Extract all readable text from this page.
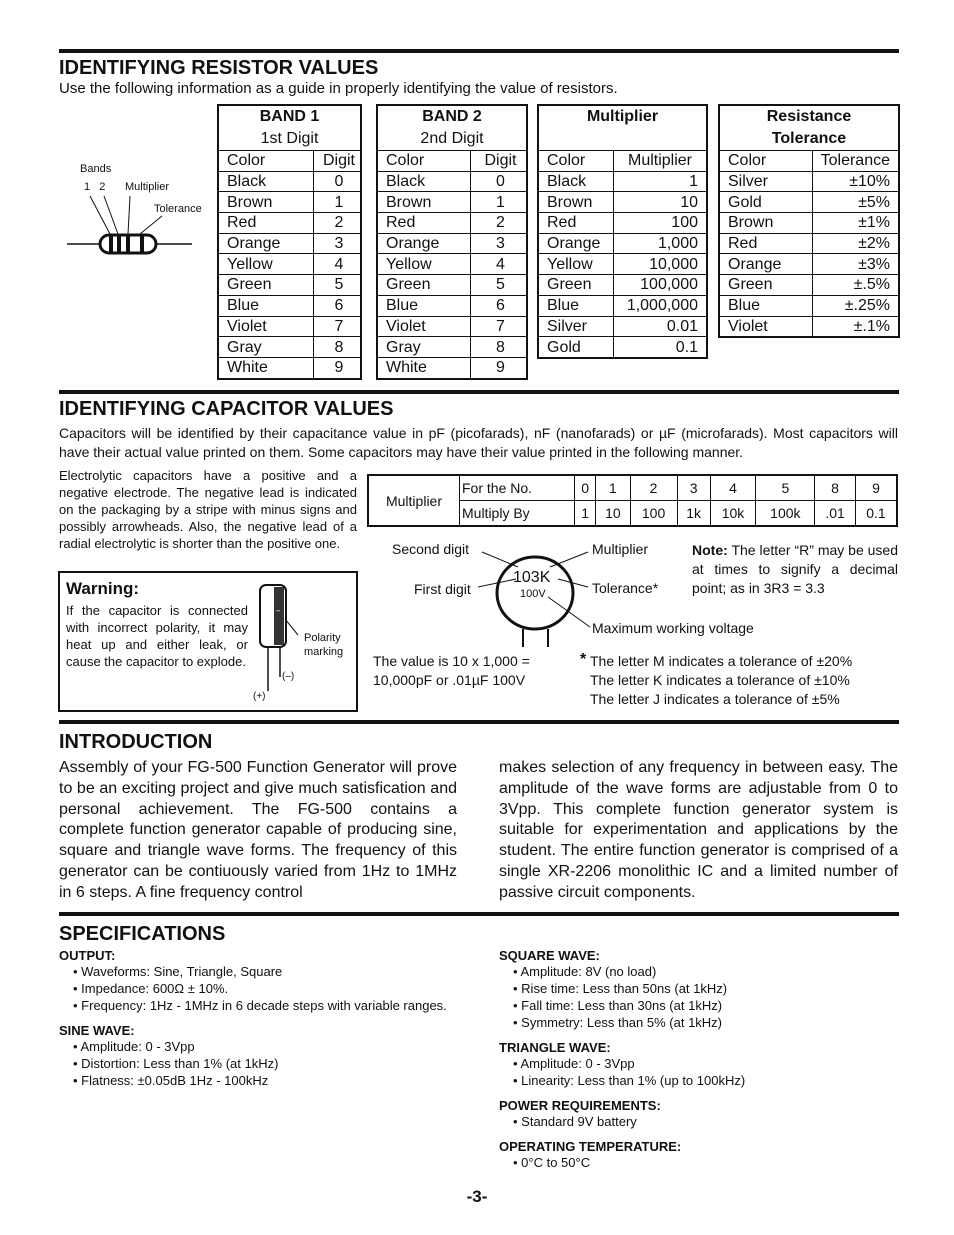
IDENTIFYING RESISTOR VALUES
Use the following information as a guide in properly identifying the value of resistors.
Bands
1   2 Multiplier
Tolerance
BAND 1
1st Digit
Color	Digit
Black	0
Brown	1
Red	2
Orange	3
Yellow	4
Green	5
Blue	6
Violet	7
Gray	8
White	9
BAND 2
2nd Digit
Color	Digit
Black	0
Brown	1
Red	2
Orange	3
Yellow	4
Green	5
Blue	6
Violet	7
Gray	8
White	9
Multiplier
Color	Multiplier
Black	1
Brown	10
Red	100
Orange	1,000
Yellow	10,000
Green	100,000
Blue	1,000,000
Silver	0.01
Gold	0.1
Resistance
Tolerance
Color	Tolerance
Silver	±10%
Gold	±5%
Brown	±1%
Red	±2%
Orange	±3%
Green	±.5%
Blue	±.25%
Violet	±.1%
IDENTIFYING CAPACITOR VALUES
Capacitors will be identified by their capacitance value in pF (picofarads), nF (nanofarads) or µF (microfarads). Most capacitors will have their actual value printed on them. Some capacitors may have their value printed in the following manner.
Electrolytic capacitors have a positive and a negative electrode. The negative lead is indicated on the packaging by a stripe with minus signs and possibly arrowheads. Also, the negative lead of a radial electrolytic is shorter than the positive one.
Warning:
If the capacitor is connected with incorrect polarity, it may heat up and either leak, or cause the capacitor to explode.
–
Polarity marking
(–)
(+)
Multiplier	For the No.	0	1	2	3	4	5	8	9
	Multiply By	1	10	100	1k	10k	100k	.01	0.1
Second digit	Multiplier
First digit	Tolerance*
Maximum working voltage
103K
100V
Note: The letter “R” may be used at times to signify a decimal point; as in 3R3 = 3.3
The value is 10 x 1,000 =
10,000pF or .01µF 100V
* The letter M indicates a tolerance of ±20%
The letter K indicates a tolerance of ±10%
The letter J indicates a tolerance of ±5%
INTRODUCTION
Assembly of your FG-500 Function Generator will prove to be an exciting project and give much satisfication and personal achievement. The FG-500 contains a complete function generator capable of producing sine, square and triangle wave forms. The frequency of this generator can be contiuously varied from 1Hz to 1MHz in 6 steps. A fine frequency control
makes selection of any frequency in between easy. The amplitude of the wave forms are adjustable from 0 to 3Vpp. This complete function generator system is suitable for experimentation and applications by the student. The entire function generator is comprised of a single XR-2206 monolithic IC and a limited number of passive circuit components.
SPECIFICATIONS
OUTPUT:
• Waveforms: Sine, Triangle, Square
• Impedance: 600Ω ± 10%.
• Frequency: 1Hz - 1MHz in 6 decade steps with variable ranges.
SINE WAVE:
• Amplitude: 0 - 3Vpp
• Distortion: Less than 1% (at 1kHz)
• Flatness: ±0.05dB 1Hz - 100kHz
SQUARE WAVE:
• Amplitude: 8V (no load)
• Rise time: Less than 50ns (at 1kHz)
• Fall time: Less than 30ns (at 1kHz)
• Symmetry: Less than 5% (at 1kHz)
TRIANGLE WAVE:
• Amplitude: 0 - 3Vpp
• Linearity: Less than 1% (up to 100kHz)
POWER REQUIREMENTS:
• Standard 9V battery
OPERATING TEMPERATURE:
• 0°C to 50°C
-3-
